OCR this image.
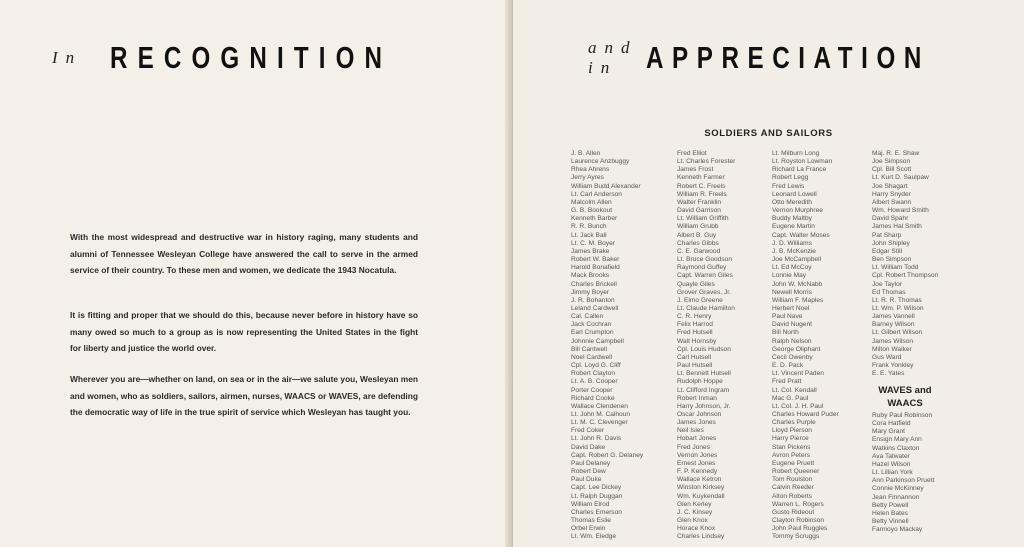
In RECOGNITION
With the most widespread and destructive war in history raging, many students and alumni of Tennessee Wesleyan College have answered the call to serve in the armed service of their country. To these men and women, we dedicate the 1943 Nocatula.
It is fitting and proper that we should do this, because never before in history have so many owed so much to a group as is now representing the United States in the fight for liberty and justice the world over.
Wherever you are—whether on land, on sea or in the air—we salute you, Wesleyan men and women, who as soldiers, sailors, airmen, nurses, WAACS or WAVES, are defending the democratic way of life in the true spirit of service which Wesleyan has taught you.
and in APPRECIATION
SOLDIERS AND SAILORS
J. B. Allen
Laurence Anzbuggy
Rhea Ahrens
Jerry Ayres
William Budd Alexander
Lt. Carl Anderson
Malcolm Allen
G. B. Bookout
Kenneth Barber
R. R. Bunch
Lt. Jack Ball
Lt. C. M. Boyer
James Brake
Robert W. Baker
Harold Bonafield
Mack Brooks
Charles Brickell
Jimmy Boyer
J. R. Bohanton
Leland Cardwell
Cal. Callen
Jack Cochran
Earl Crumpton
Johnnie Campbell
Bill Cantwell
Noel Cardwell
Cpl. Loyd G. Cliff
Robert Clayton
Lt. A. B. Cooper
Porter Cooper
Richard Cooke
Wallace Clendenen
Lt. John M. Calhoun
Lt. M. C. Clevenger
Fred Coker
Lt. John R. Davis
David Dake
Capt. Robert G. Delaney
Paul Delaney
Robert Dew
Paul Duke
Capt. Lee Dickey
Lt. Ralph Duggan
William Elrod
Charles Emerson
Thomas Eslie
Orbel Erwin
Lt. Wm. Eledge
Fred Elliot
Lt. Charles Forester
James Frost
Kenneth Farmer
Robert C. Freels
William R. Freels
Walter Franklin
David Garrison
Lt. William Griffith
William Grubb
Albert B. Guy
Charles Gibbs
C. E. Garwood
Lt. Bruce Goodson
Raymond Guffey
Capt. Warren Giles
Quayle Giles
Grover Graves, Jr.
J. Elmo Greene
Lt. Claude Hamilton
C. R. Henry
Felix Harrod
Fred Hutsell
Walt Hornsby
Cpl. Louis Hudson
Carl Hutsell
Paul Hutsell
Lt. Bennett Hutsell
Rudolph Hoppe
Lt. Clifford Ingram
Robert Inman
Harry Johnson, Jr.
Oscar Johnson
James Jones
Neil Isles
Hobart Jones
Fred Jones
Vernon Jones
Ernest Jones
F. P. Kennedy
Wallace Ketron
Winston Kirksey
Wm. Kuykendall
Glen Kerley
J. C. Kinsey
Glen Knox
Horace Knox
Charles Lindsey
Lt. Milburn Long
Lt. Royston Lowman
Richard La France
Robert Legg
Fred Lewis
Leonard Lowell
Otto Meredith
Vernon Murphree
Buddy Maltby
Eugene Martin
Capt. Walter Moses
J. D. Williams
J. B. McKenzie
Joe McCampbell
Lt. Ed McCoy
Lonnie May
John W. McNabb
Newell Morris
William F. Maples
Herbert Noel
Paul Nave
David Nugent
Bill North
Ralph Nelson
George Oliphant
Cecil Owenby
E. D. Pack
Lt. Vincent Paden
Fred Pratt
Lt. Col. Kendall
Mac G. Paul
Lt. Col. J. H. Paul
Charles Howard Puder
Charles Purple
Lloyd Pierson
Harry Pierce
Stan Pickens
Avron Peters
Eugene Pruett
Robert Queener
Tom Roulston
Calvin Reeder
Alton Roberts
Warren L. Rogers
Gusto Rideout
Clayton Robinson
John Paul Ruggles
Tommy Scruggs
Maj. R. E. Shaw
Joe Simpson
Cpl. Bill Scott
Lt. Kurt D. Saulpaw
Joe Shagart
Harry Snyder
Albert Swann
Wm. Howard Smith
David Spahr
James Hal Smith
Pat Sharp
John Shipley
Edgar Still
Ben Simpson
Lt. William Todd
Cpl. Robert Thompson
Joe Taylor
Ed Thomas
Lt. R. R. Thomas
Lt. Wm. P. Wilson
James Vannell
Barney Wilson
Lt. Gilbert Wilson
James Wilson
Milton Walker
Gus Ward
Frank Yonkley
E. E. Yates
WAVES and WAACS
Ruby Paul Robinson
Cora Hatfield
Mary Grant
Ensign Mary Ann
Watkins Claxton
Ava Tatwater
Hazel Wilson
Lt. Lillian York
Ann Parkinson Pruett
Connie McKinney
Jean Finnannon
Betty Powell
Helen Bates
Betty Vinnell
Fannoyo Mackay
